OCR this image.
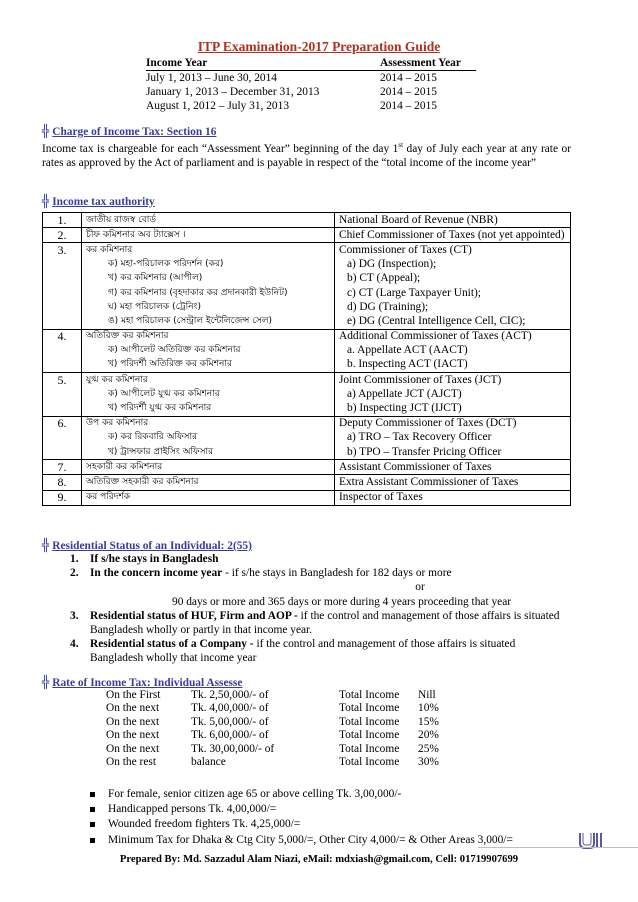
ITP Examination-2017 Preparation Guide
Income Year	Assessment Year
July 1, 2013 – June 30, 2014	2014 – 2015
January 1, 2013 – December 31, 2013	2014 – 2015
August 1, 2012 – July 31, 2013	2014 – 2015
╬ Charge of Income Tax: Section 16
Income tax is chargeable for each “Assessment Year” beginning of the day 1st day of July each year at any rate or rates as approved by the Act of parliament and is payable in respect of the “total income of the income year”
╬ Income tax authority
1.	জাতীয় রাজস্ব বোর্ড	National Board of Revenue (NBR)
2.	চীফ কমিশনার অব ট্যাক্সেস ।	Chief Commissioner of Taxes (not yet appointed)
3.	কর কমিশনার	Commissioner of Taxes (CT)
	ক) মহা-পরিচালক পরিদর্শন (কর)	a) DG (Inspection);
	খ) কর কমিশনার (আপীল)	b) CT (Appeal);
	গ) কর কমিশনার (বৃহদাকার কর প্রদানকারী ইউনিট)	c) CT (Large Taxpayer Unit);
	ঘ) মহা পরিচালক (ট্রেনিং)	d) DG (Training);
	ঙ) মহা পরিচালক (সেন্ট্রাল ইন্টেলিজেন্স সেল)	e) DG (Central Intelligence Cell, CIC);
4.	অতিরিক্ত কর কমিশনার	Additional Commissioner of Taxes (ACT)
	ক) আপীলেট অতিরিক্ত কর কমিশনার	a. Appellate ACT (AACT)
	খ) পরিদর্শী অতিরিক্ত কর কমিশনার	b. Inspecting ACT (IACT)
5.	যুগ্ম কর কমিশনার	Joint Commissioner of Taxes (JCT)
	ক) আপীলেট যুগ্ম কর কমিশনার	a) Appellate JCT (AJCT)
	খ) পরিদর্শী যুগ্ম কর কমিশনার	b) Inspecting JCT (IJCT)
6.	উপ কর কমিশনার	Deputy Commissioner of Taxes (DCT)
	ক) কর রিকবারি অফিসার	a) TRO – Tax Recovery Officer
	খ) ট্রান্সফার প্রাইসিং অফিসার	b) TPO – Transfer Pricing Officer
7.	সহকারী কর কমিশনার	Assistant Commissioner of Taxes
8.	অতিরিক্ত সহকারী কর কমিশনার	Extra Assistant Commissioner of Taxes
9.	কর পরিদর্শক	Inspector of Taxes
╬ Residential Status of an Individual: 2(55)
1. If s/he stays in Bangladesh
2. In the concern income year - if s/he stays in Bangladesh for 182 days or more
or
90 days or more and 365 days or more during 4 years proceeding that year
3. Residential status of HUF, Firm and AOP - if the control and management of those affairs is situated Bangladesh wholly or partly in that income year.
4. Residential status of a Company - if the control and management of those affairs is situated Bangladesh wholly that income year
╬ Rate of Income Tax: Individual Assesse
On the First	Tk. 2,50,000/- of	Total Income	Nill
On the next	Tk. 4,00,000/- of	Total Income	10%
On the next	Tk. 5,00,000/- of	Total Income	15%
On the next	Tk. 6,00,000/- of	Total Income	20%
On the next	Tk. 30,00,000/- of	Total Income	25%
On the rest	balance	Total Income	30%
For female, senior citizen age 65 or above celling Tk. 3,00,000/-
Handicapped persons Tk. 4,00,000/=
Wounded freedom fighters Tk. 4,25,000/=
Minimum Tax for Dhaka & Ctg City 5,000/=, Other City 4,000/= & Other Areas 3,000/=
Prepared By: Md. Sazzadul Alam Niazi, eMail: mdxiash@gmail.com, Cell: 01719907699
